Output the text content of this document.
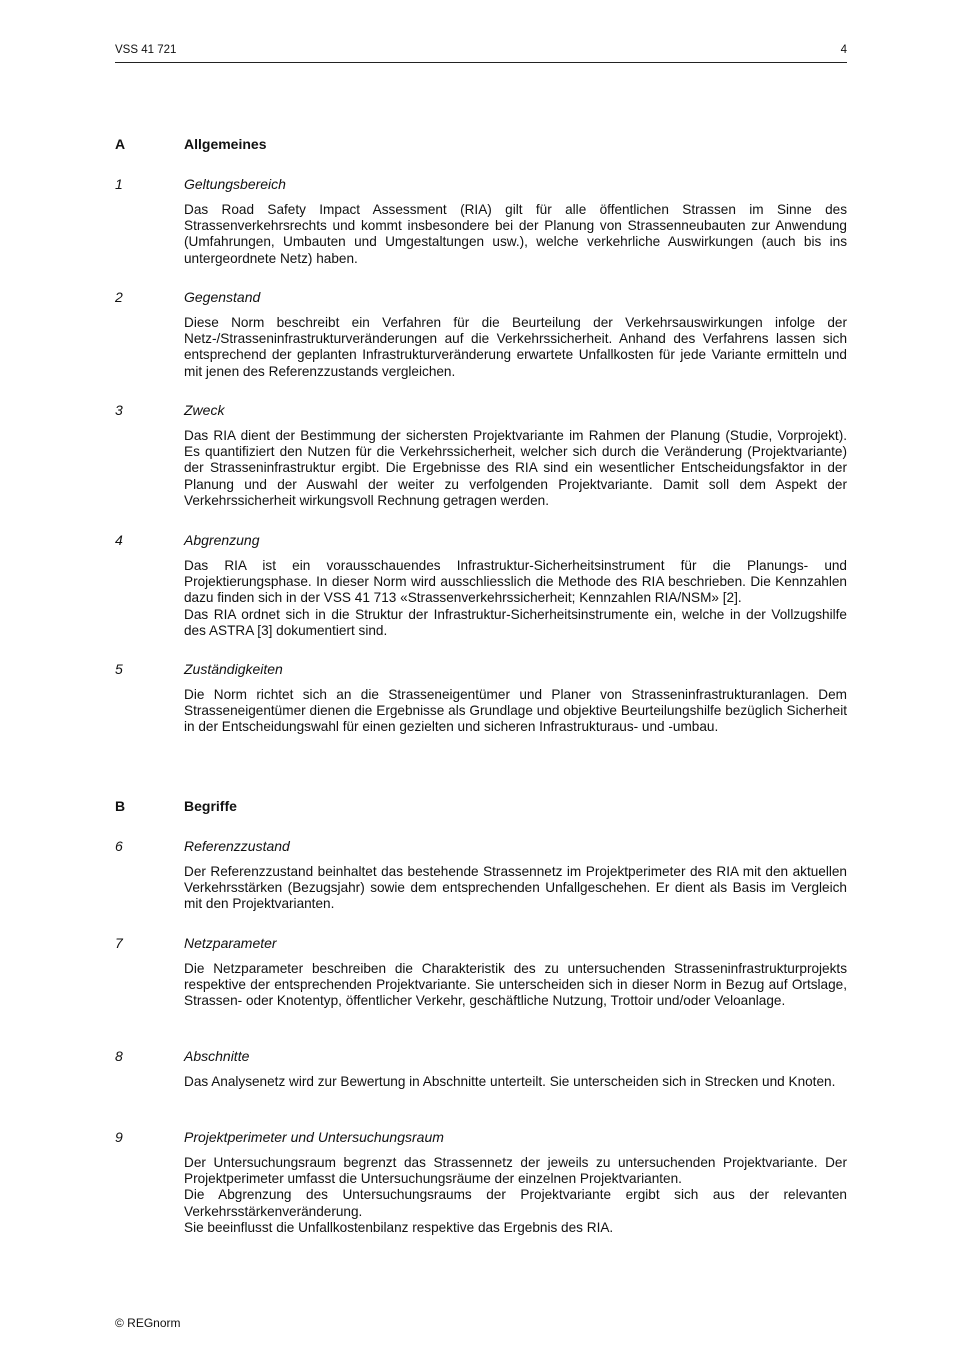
VSS 41 721	4
A	Allgemeines
1	Geltungsbereich

Das Road Safety Impact Assessment (RIA) gilt für alle öffentlichen Strassen im Sinne des Strassenverkehrsrechts und kommt insbesondere bei der Planung von Strassenneubauten zur Anwendung (Umfahrungen, Umbauten und Umgestaltungen usw.), welche verkehrliche Auswirkungen (auch bis ins untergeordnete Netz) haben.

2	Gegenstand

Diese Norm beschreibt ein Verfahren für die Beurteilung der Verkehrsauswirkungen infolge der Netz-/Strasseninfrastrukturveränderungen auf die Verkehrssicherheit. Anhand des Verfahrens lassen sich entsprechend der geplanten Infrastrukturveränderung erwartete Unfallkosten für jede Variante ermitteln und mit jenen des Referenzzustands vergleichen.

3	Zweck

Das RIA dient der Bestimmung der sichersten Projektvariante im Rahmen der Planung (Studie, Vorprojekt). Es quantifiziert den Nutzen für die Verkehrssicherheit, welcher sich durch die Veränderung (Projektvariante) der Strasseninfrastruktur ergibt. Die Ergebnisse des RIA sind ein wesentlicher Entscheidungsfaktor in der Planung und der Auswahl der weiter zu verfolgenden Projektvariante. Damit soll dem Aspekt der Verkehrssicherheit wirkungsvoll Rechnung getragen werden.

4	Abgrenzung

Das RIA ist ein vorausschauendes Infrastruktur-Sicherheitsinstrument für die Planungs- und Projektierungsphase. In dieser Norm wird ausschliesslich die Methode des RIA beschrieben. Die Kennzahlen dazu finden sich in der VSS 41 713 «Strassenverkehrssicherheit; Kennzahlen RIA/NSM» [2].

Das RIA ordnet sich in die Struktur der Infrastruktur-Sicherheitsinstrumente ein, welche in der Vollzugshilfe des ASTRA [3] dokumentiert sind.

5	Zuständigkeiten

Die Norm richtet sich an die Strasseneigentümer und Planer von Strasseninfrastrukturanlagen. Dem Strasseneigentümer dienen die Ergebnisse als Grundlage und objektive Beurteilungshilfe bezüglich Sicherheit in der Entscheidungswahl für einen gezielten und sicheren Infrastrukturaus- und -umbau.

B	Begriffe
6	Referenzzustand

Der Referenzzustand beinhaltet das bestehende Strassennetz im Projektperimeter des RIA mit den aktuellen Verkehrsstärken (Bezugsjahr) sowie dem entsprechenden Unfallgeschehen. Er dient als Basis im Vergleich mit den Projektvarianten.

7	Netzparameter

Die Netzparameter beschreiben die Charakteristik des zu untersuchenden Strasseninfrastrukturprojekts respektive der entsprechenden Projektvariante. Sie unterscheiden sich in dieser Norm in Bezug auf Ortslage, Strassen- oder Knotentyp, öffentlicher Verkehr, geschäftliche Nutzung, Trottoir und/oder Veloanlage.

8	Abschnitte

Das Analysenetz wird zur Bewertung in Abschnitte unterteilt. Sie unterscheiden sich in Strecken und Knoten.

9	Projektperimeter und Untersuchungsraum

Der Untersuchungsraum begrenzt das Strassennetz der jeweils zu untersuchenden Projektvariante. Der Projektperimeter umfasst die Untersuchungsräume der einzelnen Projektvarianten.

Die Abgrenzung des Untersuchungsraums der Projektvariante ergibt sich aus der relevanten Verkehrsstärkenveränderung.

Sie beeinflusst die Unfallkostenbilanz respektive das Ergebnis des RIA.

© REGnorm
